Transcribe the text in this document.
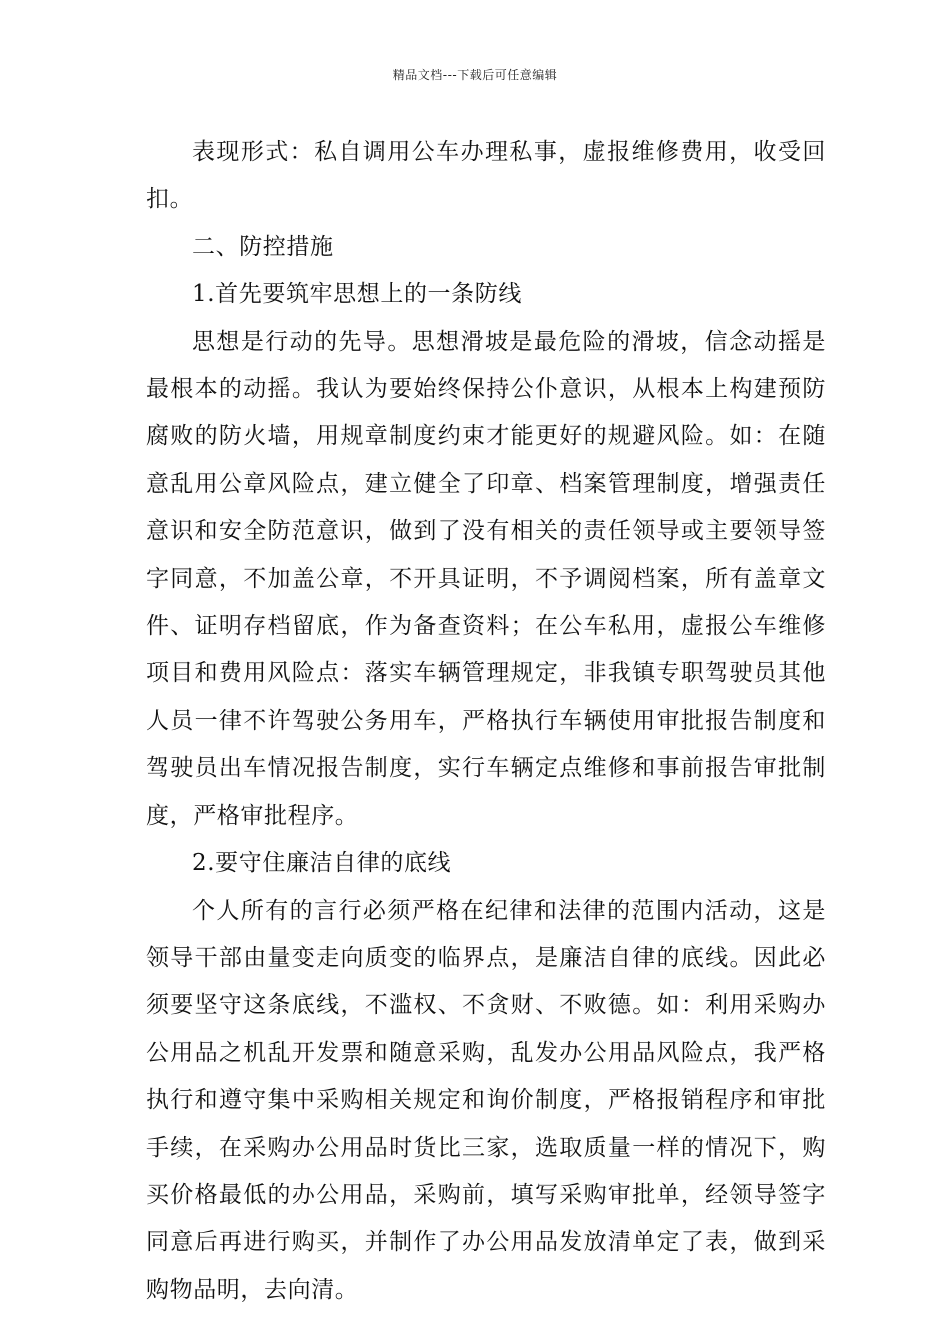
精品文档---下载后可任意编辑

表现形式：私自调用公车办理私事，虚报维修费用，收受回扣。

二、防控措施

1.首先要筑牢思想上的一条防线

思想是行动的先导。思想滑坡是最危险的滑坡，信念动摇是最根本的动摇。我认为要始终保持公仆意识，从根本上构建预防腐败的防火墙，用规章制度约束才能更好的规避风险。如：在随意乱用公章风险点，建立健全了印章、档案管理制度，增强责任意识和安全防范意识，做到了没有相关的责任领导或主要领导签字同意，不加盖公章，不开具证明，不予调阅档案，所有盖章文件、证明存档留底，作为备查资料；在公车私用，虚报公车维修项目和费用风险点：落实车辆管理规定，非我镇专职驾驶员其他人员一律不许驾驶公务用车，严格执行车辆使用审批报告制度和驾驶员出车情况报告制度，实行车辆定点维修和事前报告审批制度，严格审批程序。

2.要守住廉洁自律的底线

个人所有的言行必须严格在纪律和法律的范围内活动，这是领导干部由量变走向质变的临界点，是廉洁自律的底线。因此必须要坚守这条底线，不滥权、不贪财、不败德。如：利用采购办公用品之机乱开发票和随意采购，乱发办公用品风险点，我严格执行和遵守集中采购相关规定和询价制度，严格报销程序和审批手续，在采购办公用品时货比三家，选取质量一样的情况下，购买价格最低的办公用品，采购前，填写采购审批单，经领导签字同意后再进行购买，并制作了办公用品发放清单定了表，做到采购物品明，去向清。
